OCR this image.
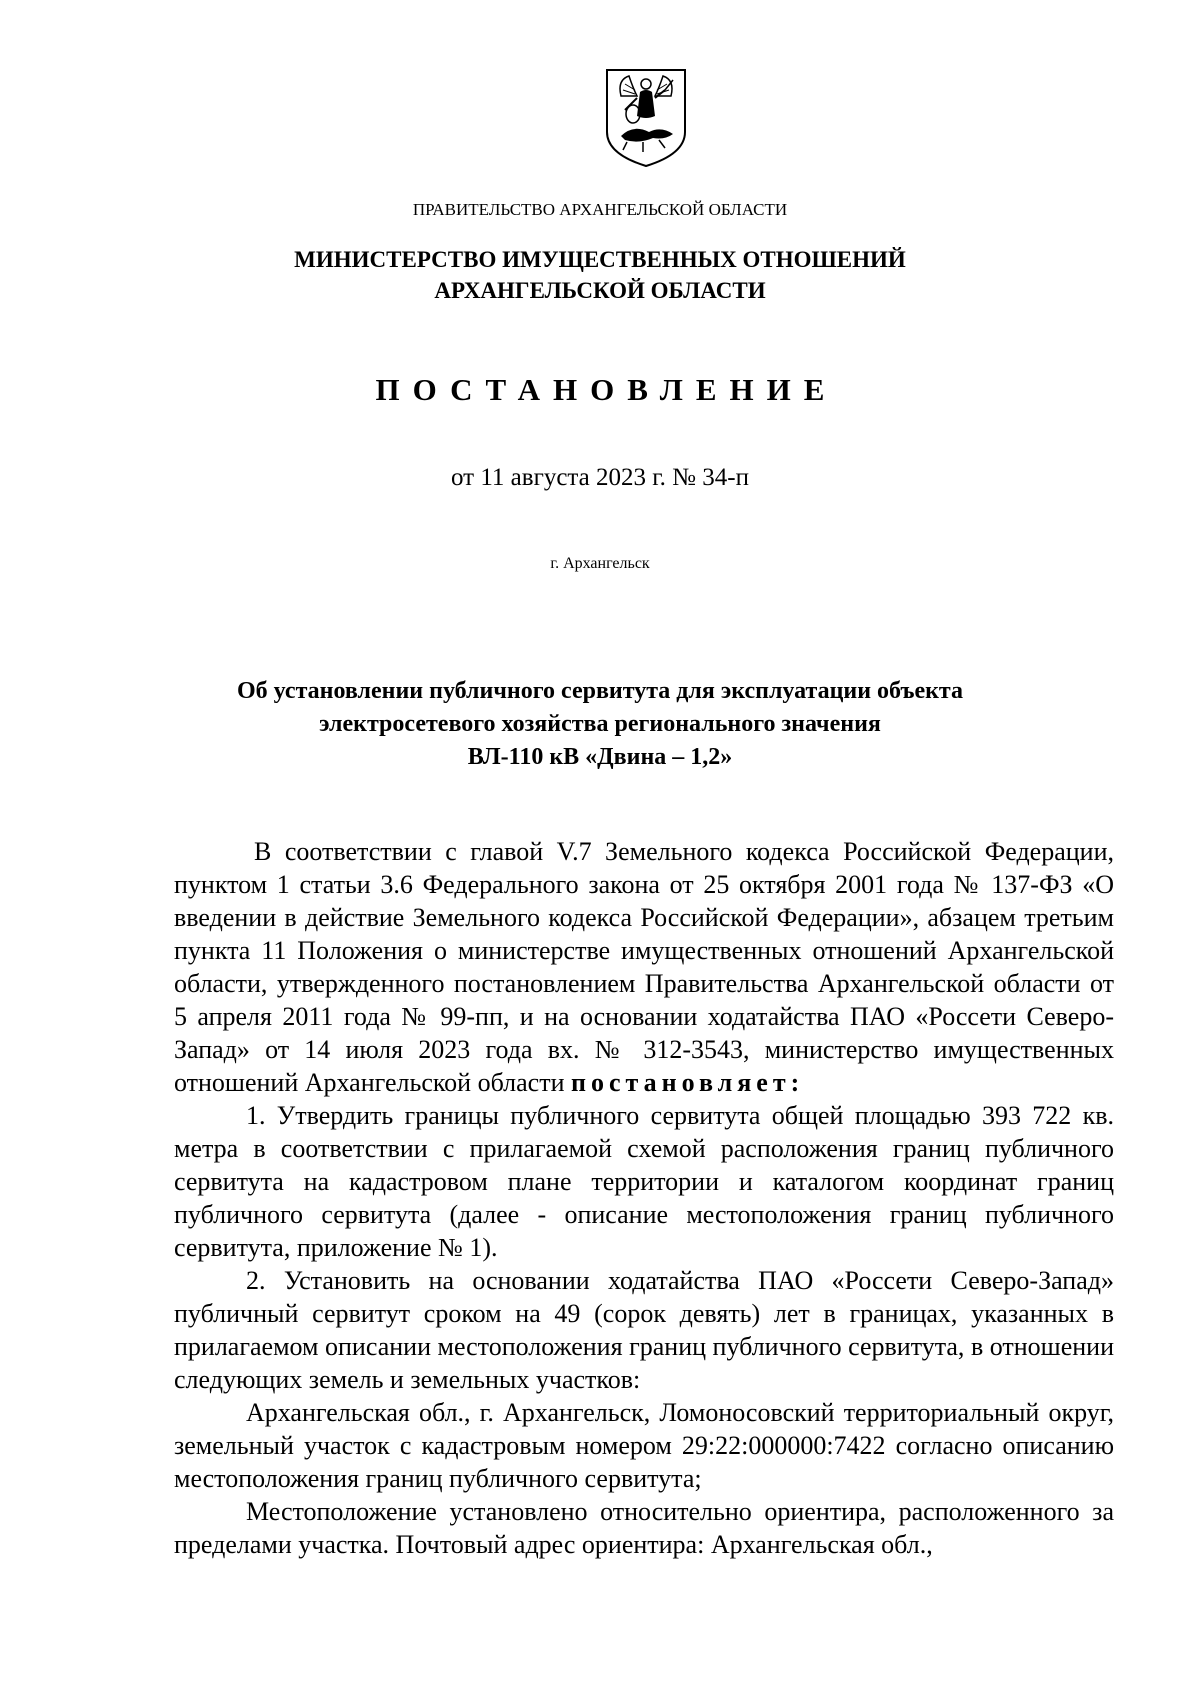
ПРАВИТЕЛЬСТВО АРХАНГЕЛЬСКОЙ ОБЛАСТИ
МИНИСТЕРСТВО ИМУЩЕСТВЕННЫХ ОТНОШЕНИЙ
АРХАНГЕЛЬСКОЙ ОБЛАСТИ
ПОСТАНОВЛЕНИЕ
от 11 августа 2023 г. № 34-п
г. Архангельск
Об установлении публичного сервитута для эксплуатации объекта
электросетевого хозяйства регионального значения
ВЛ-110 кВ «Двина – 1,2»

В соответствии с главой V.7 Земельного кодекса Российской Федерации, пунктом 1 статьи 3.6 Федерального закона от 25 октября 2001 года № 137-ФЗ «О введении в действие Земельного кодекса Российской Федерации», абзацем третьим пункта 11 Положения о министерстве имущественных отношений Архангельской области, утвержденного постановлением Правительства Архангельской области от 5 апреля 2011 года № 99-пп, и на основании ходатайства ПАО «Россети Северо-Запад» от 14 июля 2023 года вх. № 312-3543, министерство имущественных отношений Архангельской области постановляет:

1. Утвердить границы публичного сервитута общей площадью 393 722 кв. метра в соответствии с прилагаемой схемой расположения границ публичного сервитута на кадастровом плане территории и каталогом координат границ публичного сервитута (далее - описание местоположения границ публичного сервитута, приложение № 1).

2. Установить на основании ходатайства ПАО «Россети Северо-Запад» публичный сервитут сроком на 49 (сорок девять) лет в границах, указанных в прилагаемом описании местоположения границ публичного сервитута, в отношении следующих земель и земельных участков:

Архангельская обл., г. Архангельск, Ломоносовский территориальный округ, земельный участок с кадастровым номером 29:22:000000:7422 согласно описанию местоположения границ публичного сервитута;

Местоположение установлено относительно ориентира, расположенного за пределами участка. Почтовый адрес ориентира: Архангельская обл.,
